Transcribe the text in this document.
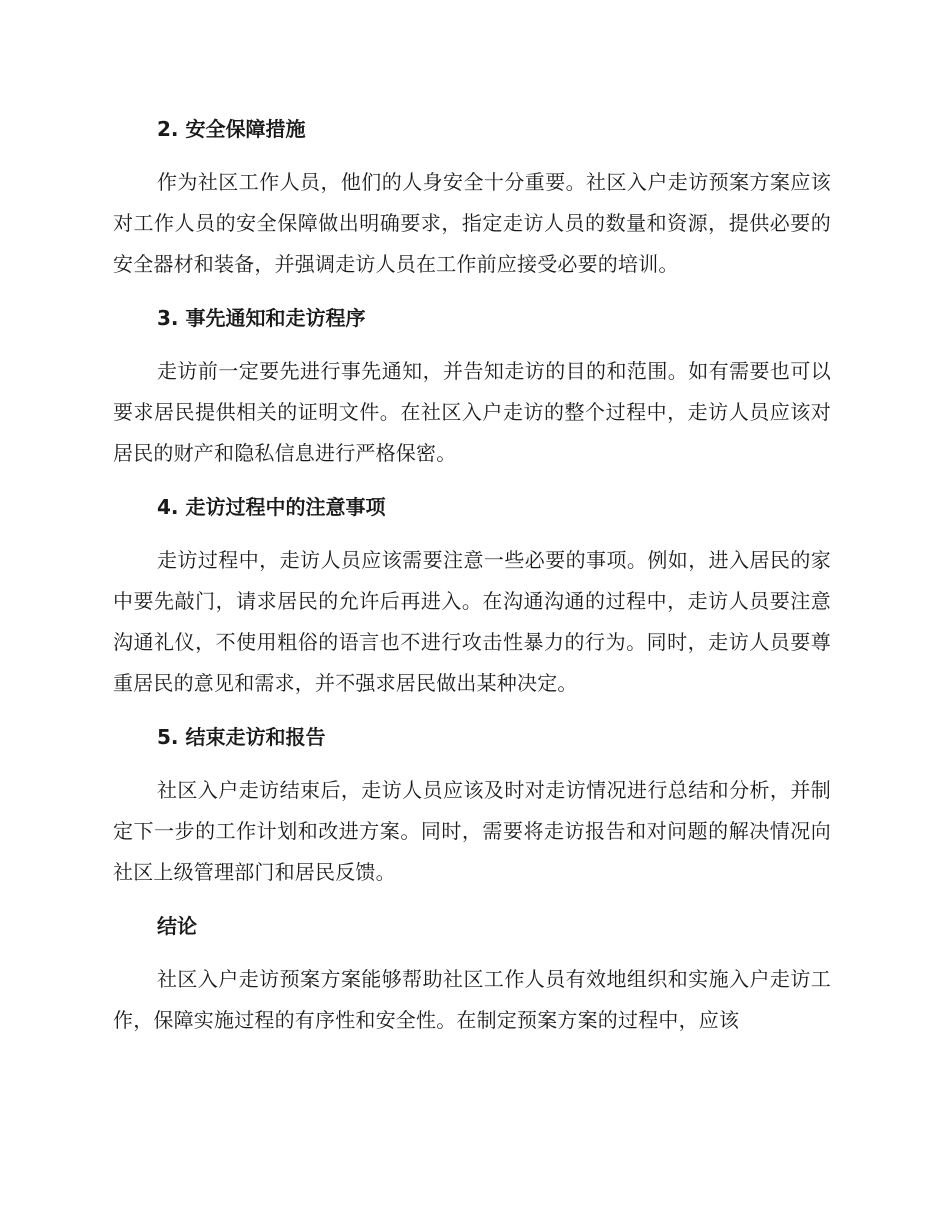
2. 安全保障措施

作为社区工作人员，他们的人身安全十分重要。社区入户走访预案方案应该对工作人员的安全保障做出明确要求，指定走访人员的数量和资源，提供必要的安全器材和装备，并强调走访人员在工作前应接受必要的培训。

3. 事先通知和走访程序

走访前一定要先进行事先通知，并告知走访的目的和范围。如有需要也可以要求居民提供相关的证明文件。在社区入户走访的整个过程中，走访人员应该对居民的财产和隐私信息进行严格保密。

4. 走访过程中的注意事项

走访过程中，走访人员应该需要注意一些必要的事项。例如，进入居民的家中要先敲门，请求居民的允许后再进入。在沟通沟通的过程中，走访人员要注意沟通礼仪，不使用粗俗的语言也不进行攻击性暴力的行为。同时，走访人员要尊重居民的意见和需求，并不强求居民做出某种决定。

5. 结束走访和报告

社区入户走访结束后，走访人员应该及时对走访情况进行总结和分析，并制定下一步的工作计划和改进方案。同时，需要将走访报告和对问题的解决情况向社区上级管理部门和居民反馈。

结论

社区入户走访预案方案能够帮助社区工作人员有效地组织和实施入户走访工作，保障实施过程的有序性和安全性。在制定预案方案的过程中，应该
